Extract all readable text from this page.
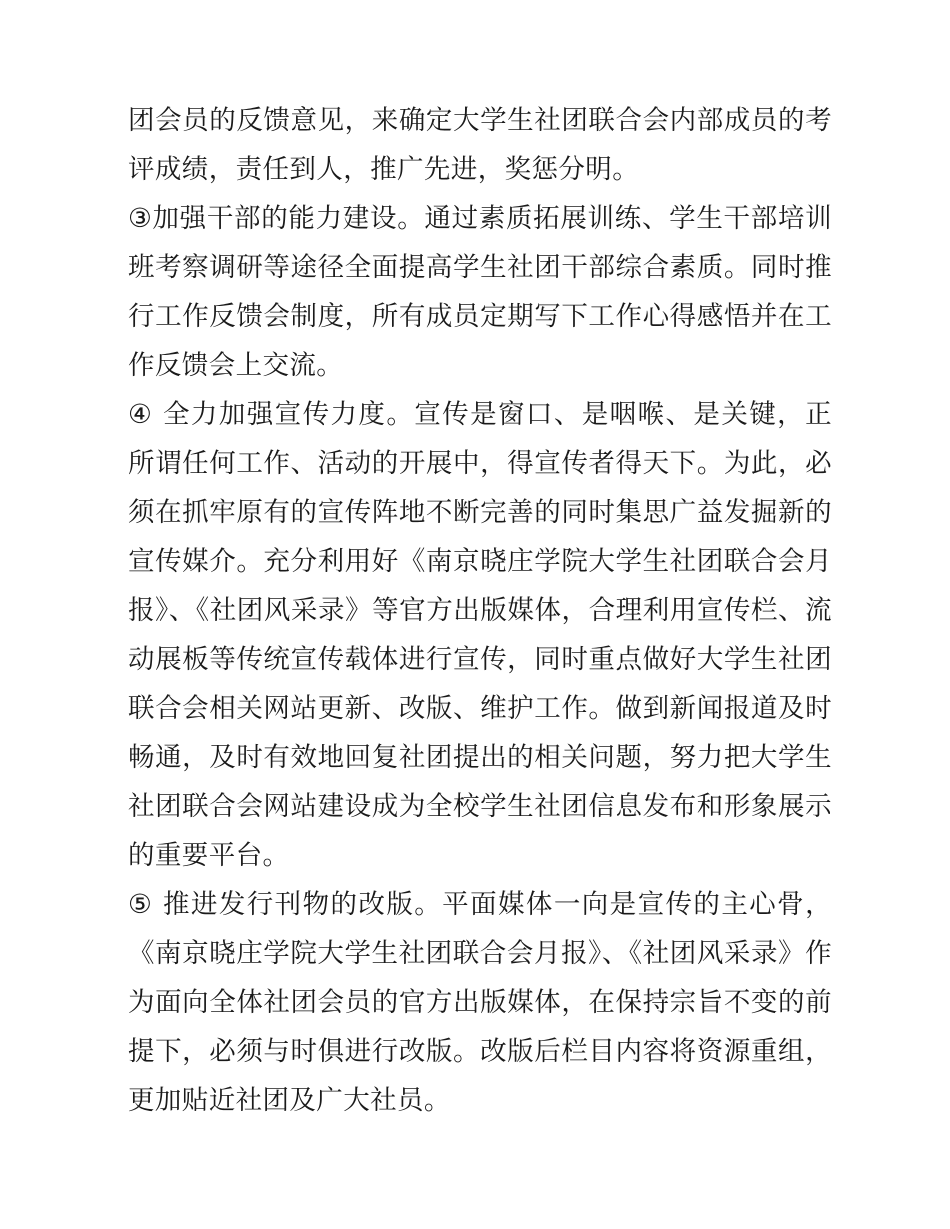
团会员的反馈意见，来确定大学生社团联合会内部成员的考评成绩，责任到人，推广先进，奖惩分明。

③加强干部的能力建设。通过素质拓展训练、学生干部培训班考察调研等途径全面提高学生社团干部综合素质。同时推行工作反馈会制度，所有成员定期写下工作心得感悟并在工作反馈会上交流。

④ 全力加强宣传力度。宣传是窗口、是咽喉、是关键，正所谓任何工作、活动的开展中，得宣传者得天下。为此，必须在抓牢原有的宣传阵地不断完善的同时集思广益发掘新的宣传媒介。充分利用好《南京晓庄学院大学生社团联合会月报》、《社团风采录》等官方出版媒体，合理利用宣传栏、流动展板等传统宣传载体进行宣传，同时重点做好大学生社团联合会相关网站更新、改版、维护工作。做到新闻报道及时畅通，及时有效地回复社团提出的相关问题，努力把大学生社团联合会网站建设成为全校学生社团信息发布和形象展示的重要平台。

⑤ 推进发行刊物的改版。平面媒体一向是宣传的主心骨，《南京晓庄学院大学生社团联合会月报》、《社团风采录》作为面向全体社团会员的官方出版媒体，在保持宗旨不变的前提下，必须与时俱进行改版。改版后栏目内容将资源重组，更加贴近社团及广大社员。
